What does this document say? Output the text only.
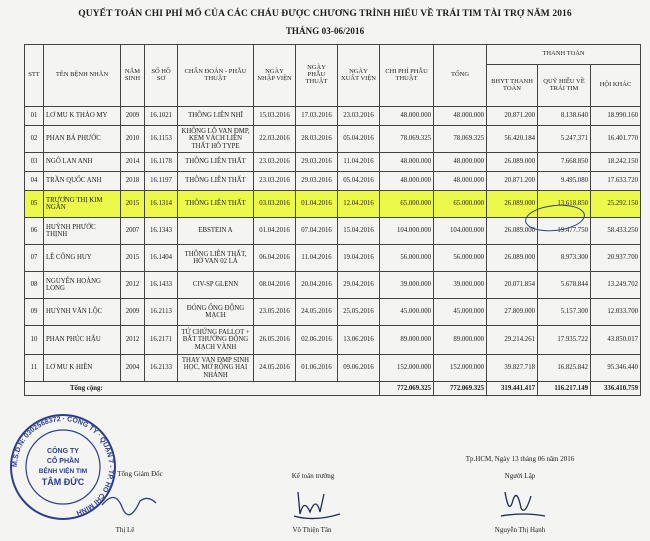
QUYẾT TOÁN CHI PHÍ MỔ CỦA CÁC CHÁU ĐƯỢC CHƯƠNG TRÌNH HIỂU VỀ TRÁI TIM TÀI TRỢ NĂM 2016
THÁNG 03-06/2016
STT	TÊN BỆNH NHÂN	NĂM SINH	SỐ HỒ SƠ	CHẨN ĐOÁN - PHẪU THUẬT	NGÀY NHẬP VIỆN	NGÀY PHẪU THUẬT	NGÀY XUẤT VIỆN	CHI PHÍ PHẪU THUẬT	TỔNG	THANH TOÁN		
										BHYT THANH TOÁN	QUỸ HIỂU VỀ TRÁI TIM	HỘI KHÁC
01	LƠ MU K THẢO MY	2009	16.1021	THÔNG LIÊN NHĨ	15.03.2016	17.03.2016	23.03.2016	48.000.000	48.000.000	20.871.200	8.138.640	18.990.160
02	PHAN BÁ PHƯỚC	2010	16.1153	KHÔNG LỖ VAN ĐMP, KÈM VÁCH LIÊN THẤT HỖ TYPE	22.03.2016	28.03.2016	05.04.2016	78.069.325	78.069.325	56.420.184	5.247.371	16.401.770
03	NGÔ LAN ANH	2014	16.1178	THÔNG LIÊN THẤT	23.03.2016	29.03.2016	11.04.2016	48.000.000	48.000.000	26.089.000	7.668.850	18.242.150
04	TRẦN QUỐC ANH	2018	16.1197	THÔNG LIÊN THẤT	23.03.2016	29.03.2016	05.04.2016	48.000.000	48.000.000	20.871.200	9.495.080	17.633.720
05	TRƯƠNG THỊ KIM NGÂN	2015	16.1314	THÔNG LIÊN THẤT	03.03.2016	01.04.2016	12.04.2016	65.000.000	65.000.000	26.089.000	13.618.850	25.292.150
06	HUỲNH PHƯỚC THỊNH	2007	16.1343	EBSTEIN A	01.04.2016	07.04.2016	15.04.2016	104.000.000	104.000.000	26.089.000	19.477.750	58.433.250
07	LÊ CÔNG HUY	2015	16.1404	THÔNG LIÊN THẤT, HỞ VAN 02 LÁ	06.04.2016	11.04.2016	19.04.2016	56.000.000	56.000.000	26.089.000	8.973.300	20.937.700
08	NGUYỄN HOÀNG LONG	2012	16.1433	CIV-SP GLENN	08.04.2016	20.04.2016	29.04.2016	39.000.000	39.000.000	20.071.854	5.678.844	13.249.702
09	HUỲNH VĂN LỘC	2009	16.2113	ĐÓNG ỐNG ĐỘNG MẠCH	23.05.2016	24.05.2016	25.05.2016	45.000.000	45.000.000	27.809.000	5.157.300	12.033.700
10	PHAN PHÚC HẬU	2012	16.2171	TỨ CHỨNG FALLOT + BẤT THƯỜNG ĐỘNG MẠCH VÀNH	26.05.2016	02.06.2016	13.06.2016	89.000.000	89.000.000	29.214.261	17.935.722	43.850.017
11	LƠ MU K HIỀN	2004	16.2133	THAY VAN ĐMP SINH HỌC, MỞ RỘNG HAI NHÁNH	24.05.2016	01.06.2016	09.06.2016	152.000.000	152.000.000	39.827.718	16.825.842	95.346.440
Tổng cộng:								772.069.325	772.069.325	319.441.417	116.217.149	336.410.759
Tp.HCM, Ngày 13 tháng 06 năm 2016
Tổng Giám Đốc	Kế toán trưởng	Người Lập
Thị Lê	Võ Thiện Tân	Nguyễn Thị Hạnh
M.S.D.N: 0302568372 · CÔNG TY · QUẬN 7 - TP. HỒ CHÍ MINH
CÔNG TY
CỔ PHẦN
BỆNH VIỆN TIM
TÂM ĐỨC
